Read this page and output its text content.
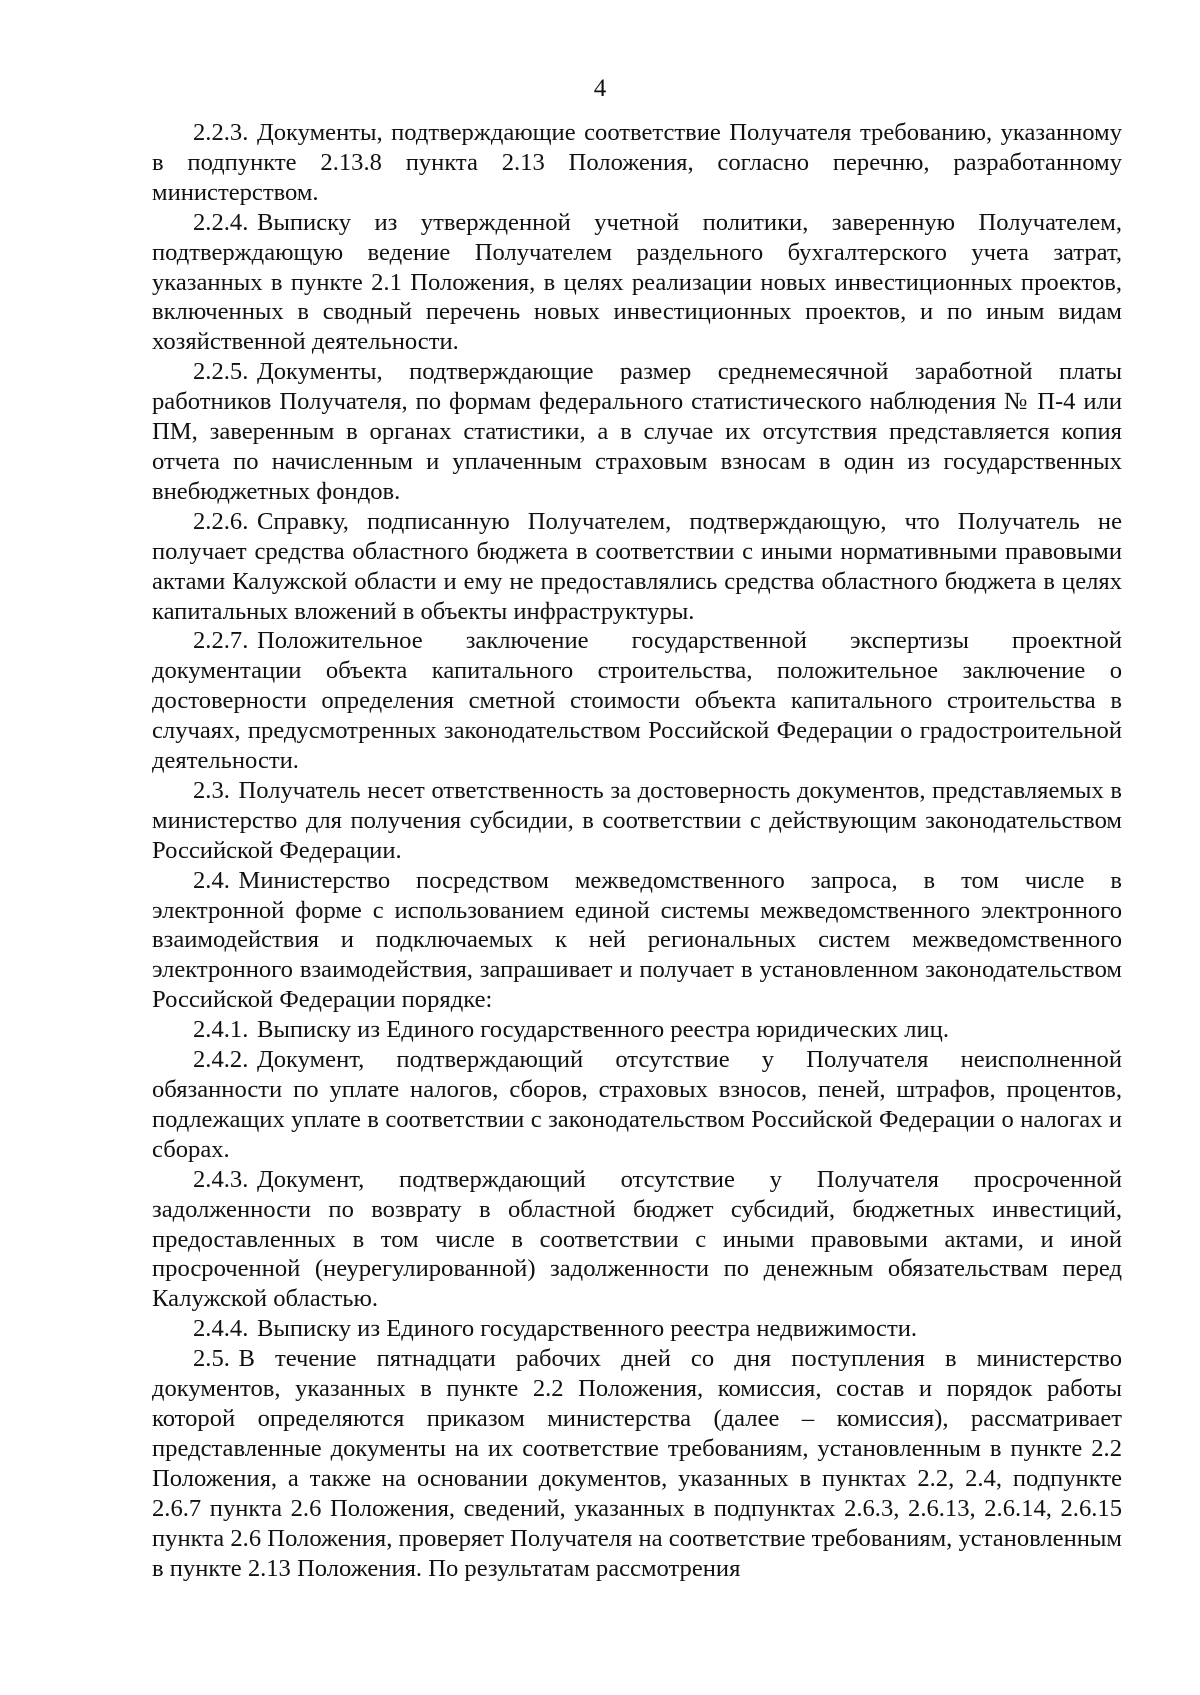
4

2.2.3. Документы, подтверждающие соответствие Получателя требованию, указанному в подпункте 2.13.8 пункта 2.13 Положения, согласно перечню, разработанному министерством.

2.2.4. Выписку из утвержденной учетной политики, заверенную Получателем, подтверждающую ведение Получателем раздельного бухгалтерского учета затрат, указанных в пункте 2.1 Положения, в целях реализации новых инвестиционных проектов, включенных в сводный перечень новых инвестиционных проектов, и по иным видам хозяйственной деятельности.

2.2.5. Документы, подтверждающие размер среднемесячной заработной платы работников Получателя, по формам федерального статистического наблюдения № П-4 или ПМ, заверенным в органах статистики, а в случае их отсутствия представляется копия отчета по начисленным и уплаченным страховым взносам в один из государственных внебюджетных фондов.

2.2.6. Справку, подписанную Получателем, подтверждающую, что Получатель не получает средства областного бюджета в соответствии с иными нормативными правовыми актами Калужской области и ему не предоставлялись средства областного бюджета в целях капитальных вложений в объекты инфраструктуры.

2.2.7. Положительное заключение государственной экспертизы проектной документации объекта капитального строительства, положительное заключение о достоверности определения сметной стоимости объекта капитального строительства в случаях, предусмотренных законодательством Российской Федерации о градостроительной деятельности.

2.3. Получатель несет ответственность за достоверность документов, представляемых в министерство для получения субсидии, в соответствии с действующим законодательством Российской Федерации.

2.4. Министерство посредством межведомственного запроса, в том числе в электронной форме с использованием единой системы межведомственного электронного взаимодействия и подключаемых к ней региональных систем межведомственного электронного взаимодействия, запрашивает и получает в установленном законодательством Российской Федерации порядке:

2.4.1. Выписку из Единого государственного реестра юридических лиц.

2.4.2. Документ, подтверждающий отсутствие у Получателя неисполненной обязанности по уплате налогов, сборов, страховых взносов, пеней, штрафов, процентов, подлежащих уплате в соответствии с законодательством Российской Федерации о налогах и сборах.

2.4.3. Документ, подтверждающий отсутствие у Получателя просроченной задолженности по возврату в областной бюджет субсидий, бюджетных инвестиций, предоставленных в том числе в соответствии с иными правовыми актами, и иной просроченной (неурегулированной) задолженности по денежным обязательствам перед Калужской областью.

2.4.4. Выписку из Единого государственного реестра недвижимости.

2.5. В течение пятнадцати рабочих дней со дня поступления в министерство документов, указанных в пункте 2.2 Положения, комиссия, состав и порядок работы которой определяются приказом министерства (далее – комиссия), рассматривает представленные документы на их соответствие требованиям, установленным в пункте 2.2 Положения, а также на основании документов, указанных в пунктах 2.2, 2.4, подпункте 2.6.7 пункта 2.6 Положения, сведений, указанных в подпунктах 2.6.3, 2.6.13, 2.6.14, 2.6.15 пункта 2.6 Положения, проверяет Получателя на соответствие требованиям, установленным в пункте 2.13 Положения. По результатам рассмотрения
